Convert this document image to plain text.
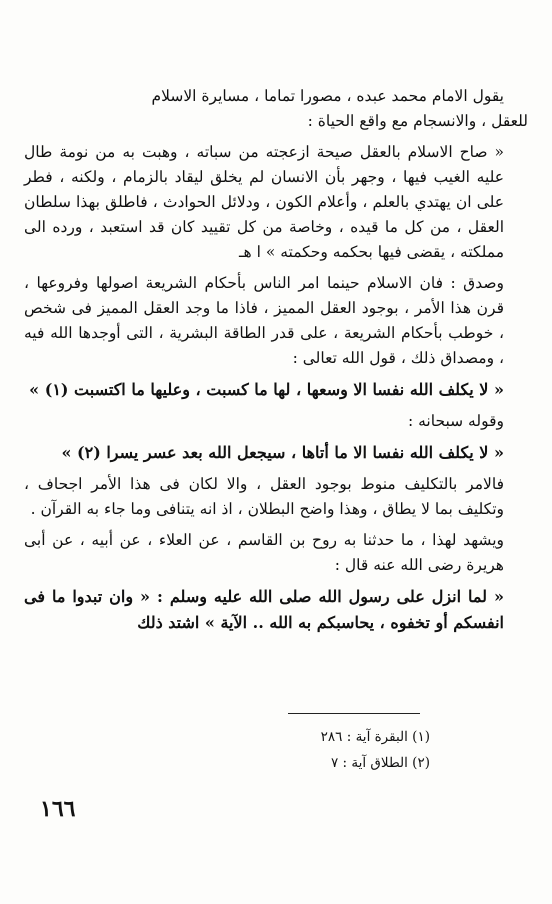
يقول الامام محمد عبده ، مصورا تماما ، مسايرة الاسلام

للعقل ، والانسجام مع واقع الحياة :

« صاح الاسلام بالعقل صيحة ازعجته من سباته ، وهبت به من نومة طال عليه الغيب فيها ، وجهر بأن الانسان لم يخلق ليقاد بالزمام ، ولكنه ، فطر على ان يهتدي بالعلم ، وأعلام الكون ، ودلائل الحوادث ، فاطلق بهذا سلطان العقل ، من كل ما قيده ، وخاصة من كل تقييد كان قد استعبد ، ورده الى مملكته ، يقضى فيها بحكمه وحكمته » ا هـ

وصدق : فان الاسلام حينما امر الناس بأحكام الشريعة اصولها وفروعها ، قرن هذا الأمر ، بوجود العقل المميز ، فاذا ما وجد العقل المميز فى شخص ، خوطب بأحكام الشريعة ، على قدر الطاقة البشرية ، التى أوجدها الله فيه ، ومصداق ذلك ، قول الله تعالى :

« لا يكلف الله نفسا الا وسعها ، لها ما كسبت ، وعليها ما اكتسبت (١) »

وقوله سبحانه :

« لا يكلف الله نفسا الا ما أتاها ، سيجعل الله بعد عسر يسرا (٢) »

فالامر بالتكليف منوط بوجود العقل ، والا لكان فى هذا الأمر اجحاف ، وتكليف بما لا يطاق ، وهذا واضح البطلان ، اذ انه يتنافى وما جاء به القرآن .

ويشهد لهذا ، ما حدثنا به روح بن القاسم ، عن العلاء ، عن أبيه ، عن أبى هريرة رضى الله عنه قال :

« لما انزل على رسول الله صلى الله عليه وسلم : « وان تبدوا ما فى انفسكم أو تخفوه ، يحاسبكم به الله .. الآية » اشتد ذلك

(١) البقرة آية : ٢٨٦
(٢) الطلاق آية : ٧
١٦٦
